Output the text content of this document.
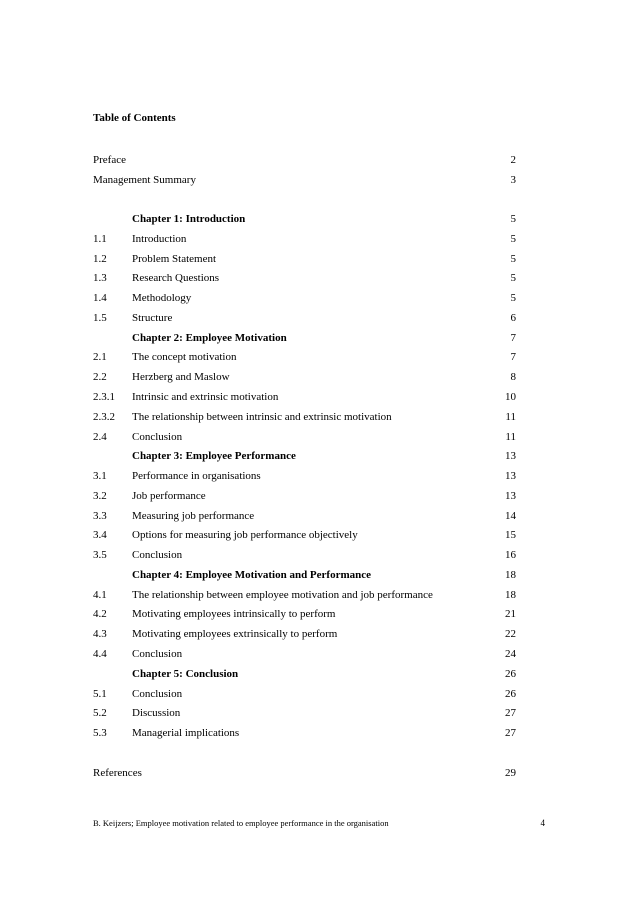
Table of Contents
Preface	2
Management Summary	3
Chapter 1: Introduction	5
1.1 Introduction	5
1.2 Problem Statement	5
1.3 Research Questions	5
1.4 Methodology	5
1.5 Structure	6
Chapter 2: Employee Motivation	7
2.1 The concept motivation	7
2.2 Herzberg and Maslow	8
2.3.1 Intrinsic and extrinsic motivation	10
2.3.2 The relationship between intrinsic and extrinsic motivation	11
2.4 Conclusion	11
Chapter 3: Employee Performance	13
3.1 Performance in organisations	13
3.2 Job performance	13
3.3 Measuring job performance	14
3.4 Options for measuring job performance objectively	15
3.5 Conclusion	16
Chapter 4: Employee Motivation and Performance	18
4.1 The relationship between employee motivation and job performance	18
4.2 Motivating employees intrinsically to perform	21
4.3 Motivating employees extrinsically to perform	22
4.4 Conclusion	24
Chapter 5: Conclusion	26
5.1 Conclusion	26
5.2 Discussion	27
5.3 Managerial implications	27
References	29
B. Keijzers; Employee motivation related to employee performance in the organisation	4
